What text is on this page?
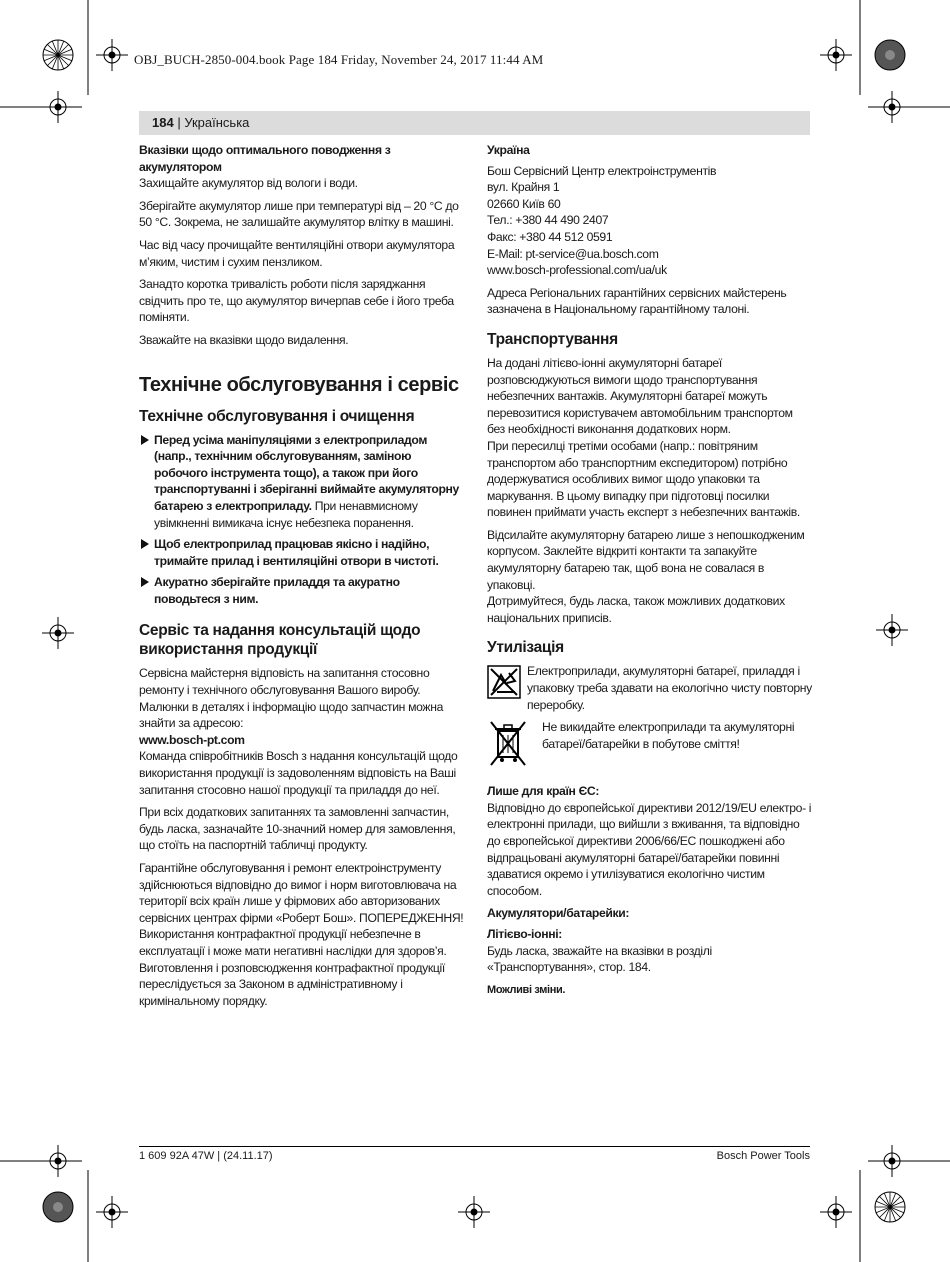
OBJ_BUCH-2850-004.book Page 184 Friday, November 24, 2017 11:44 AM
184 | Українська

Вказівки щодо оптимального поводження з акумулятором

Захищайте акумулятор від вологи і води.

Зберігайте акумулятор лише при температурі від – 20 °C до 50 °C. Зокрема, не залишайте акумулятор влітку в машині.

Час від часу прочищайте вентиляційні отвори акумулятора м’яким, чистим і сухим пензликом.

Занадто коротка тривалість роботи після заряджання свідчить про те, що акумулятор вичерпав себе і його треба поміняти.

Зважайте на вказівки щодо видалення.

Технічне обслуговування і сервіс

Технічне обслуговування і очищення

Перед усіма маніпуляціями з електроприладом (напр., технічним обслуговуванням, заміною робочого інструмента тощо), а також при його транспортуванні і зберіганні виймайте акумуляторну батарею з електроприладу. При ненавмисному увімкненні вимикача існує небезпека поранення.
Щоб електроприлад працював якісно і надійно, тримайте прилад і вентиляційні отвори в чистоті.
Акуратно зберігайте приладдя та акуратно поводьтеся з ним.

Сервіс та надання консультацій щодо використання продукції

Сервісна майстерня відповість на запитання стосовно ремонту і технічного обслуговування Вашого виробу. Малюнки в деталях і інформацію щодо запчастин можна знайти за адресою:

www.bosch-pt.com

Команда співробітників Bosch з надання консультацій щодо використання продукції із задоволенням відповість на Ваші запитання стосовно нашої продукції та приладдя до неї.

При всіх додаткових запитаннях та замовленні запчастин, будь ласка, зазначайте 10-значний номер для замовлення, що стоїть на паспортній табличці продукту.

Гарантійне обслуговування і ремонт електроінструменту здійснюються відповідно до вимог і норм виготовлювача на території всіх країн лише у фірмових або авторизованих сервісних центрах фірми «Роберт Бош». ПОПЕРЕДЖЕННЯ! Використання контрафактної продукції небезпечне в експлуатації і може мати негативні наслідки для здоров’я. Виготовлення і розповсюдження контрафактної продукції переслідується за Законом в адміністративному і кримінальному порядку.

Україна

Бош Сервісний Центр електроінструментів
вул. Крайня 1
02660 Київ 60
Тел.: +380 44 490 2407
Факс: +380 44 512 0591
E-Mail: pt-service@ua.bosch.com
www.bosch-professional.com/ua/uk

Адреса Регіональних гарантійних сервісних майстерень зазначена в Національному гарантійному талоні.

Транспортування

На додані літієво-іонні акумуляторні батареї розповсюджуються вимоги щодо транспортування небезпечних вантажів. Акумуляторні батареї можуть перевозитися користувачем автомобільним транспортом без необхідності виконання додаткових норм.

При пересилці третіми особами (напр.: повітряним транспортом або транспортним експедитором) потрібно додержуватися особливих вимог щодо упаковки та маркування. В цьому випадку при підготовці посилки повинен приймати участь експерт з небезпечних вантажів.

Відсилайте акумуляторну батарею лише з непошкодженим корпусом. Заклейте відкриті контакти та запакуйте акумуляторну батарею так, щоб вона не совалася в упаковці.

Дотримуйтеся, будь ласка, також можливих додаткових національних приписів.

Утилізація

Електроприлади, акумуляторні батареї, приладдя і упаковку треба здавати на екологічно чисту повторну переробку.
Не викидайте електроприлади та акумуляторні батареї/батарейки в побутове сміття!

Лише для країн ЄС:

Відповідно до європейської директиви 2012/19/EU електро- і електронні прилади, що вийшли з вживання, та відповідно до європейської директиви 2006/66/EC пошкоджені або відпрацьовані акумуляторні батареї/батарейки повинні здаватися окремо і утилізуватися екологічно чистим способом.

Акумулятори/батарейки:

Літієво-іонні:

Будь ласка, зважайте на вказівки в розділі «Транспортування», стор. 184.

Можливі зміни.

1 609 92A 47W | (24.11.17)	Bosch Power Tools
